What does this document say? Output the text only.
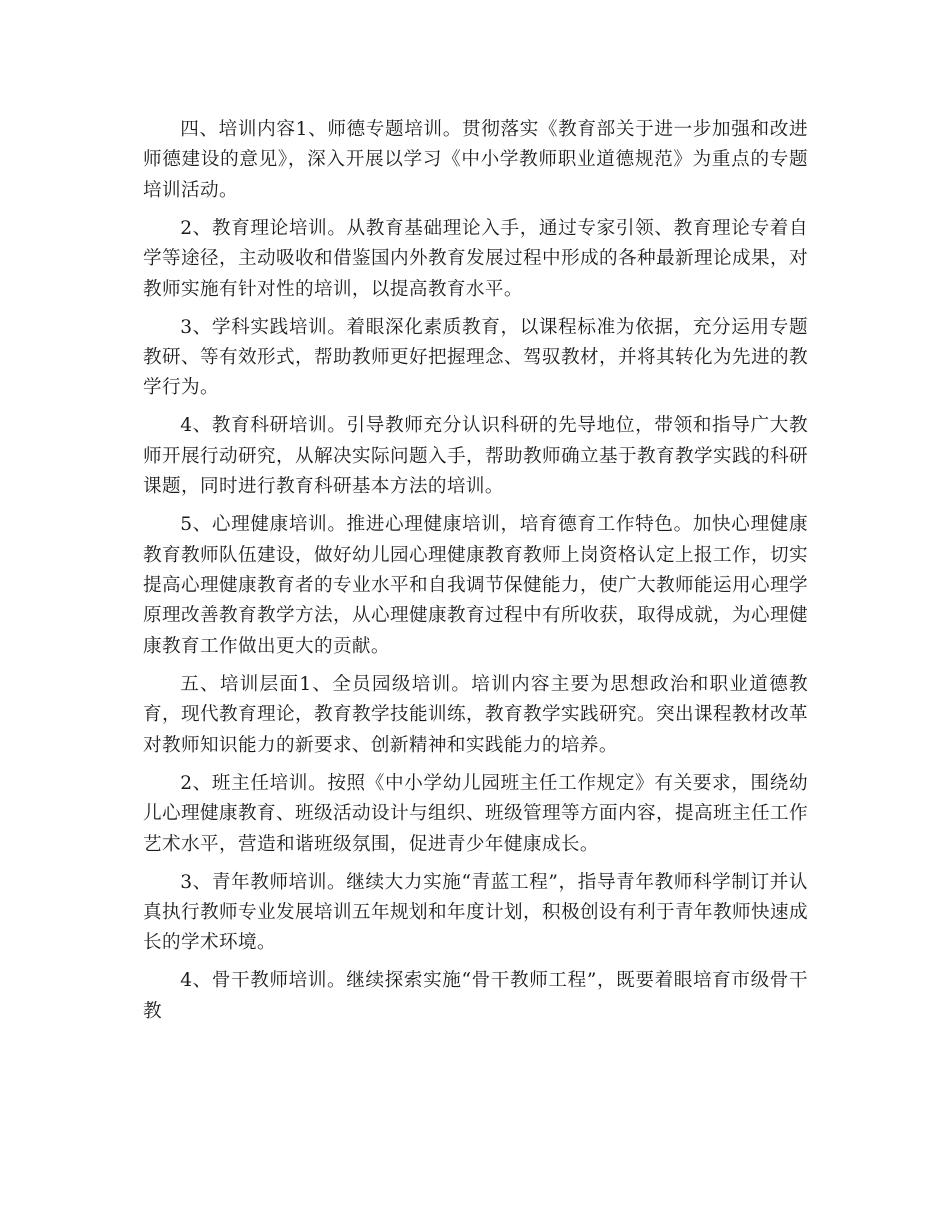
四、培训内容1、师德专题培训。贯彻落实《教育部关于进一步加强和改进师德建设的意见》，深入开展以学习《中小学教师职业道德规范》为重点的专题培训活动。

2、教育理论培训。从教育基础理论入手，通过专家引领、教育理论专着自学等途径，主动吸收和借鉴国内外教育发展过程中形成的各种最新理论成果，对教师实施有针对性的培训，以提高教育水平。

3、学科实践培训。着眼深化素质教育，以课程标准为依据，充分运用专题教研、等有效形式，帮助教师更好把握理念、驾驭教材，并将其转化为先进的教学行为。

4、教育科研培训。引导教师充分认识科研的先导地位，带领和指导广大教师开展行动研究，从解决实际问题入手，帮助教师确立基于教育教学实践的科研课题，同时进行教育科研基本方法的培训。

5、心理健康培训。推进心理健康培训，培育德育工作特色。加快心理健康教育教师队伍建设，做好幼儿园心理健康教育教师上岗资格认定上报工作，切实提高心理健康教育者的专业水平和自我调节保健能力，使广大教师能运用心理学原理改善教育教学方法，从心理健康教育过程中有所收获，取得成就，为心理健康教育工作做出更大的贡献。

五、培训层面1、全员园级培训。培训内容主要为思想政治和职业道德教育，现代教育理论，教育教学技能训练，教育教学实践研究。突出课程教材改革对教师知识能力的新要求、创新精神和实践能力的培养。

2、班主任培训。按照《中小学幼儿园班主任工作规定》有关要求，围绕幼儿心理健康教育、班级活动设计与组织、班级管理等方面内容，提高班主任工作艺术水平，营造和谐班级氛围，促进青少年健康成长。

3、青年教师培训。继续大力实施“青蓝工程”，指导青年教师科学制订并认真执行教师专业发展培训五年规划和年度计划，积极创设有利于青年教师快速成长的学术环境。

4、骨干教师培训。继续探索实施“骨干教师工程”，既要着眼培育市级骨干教
